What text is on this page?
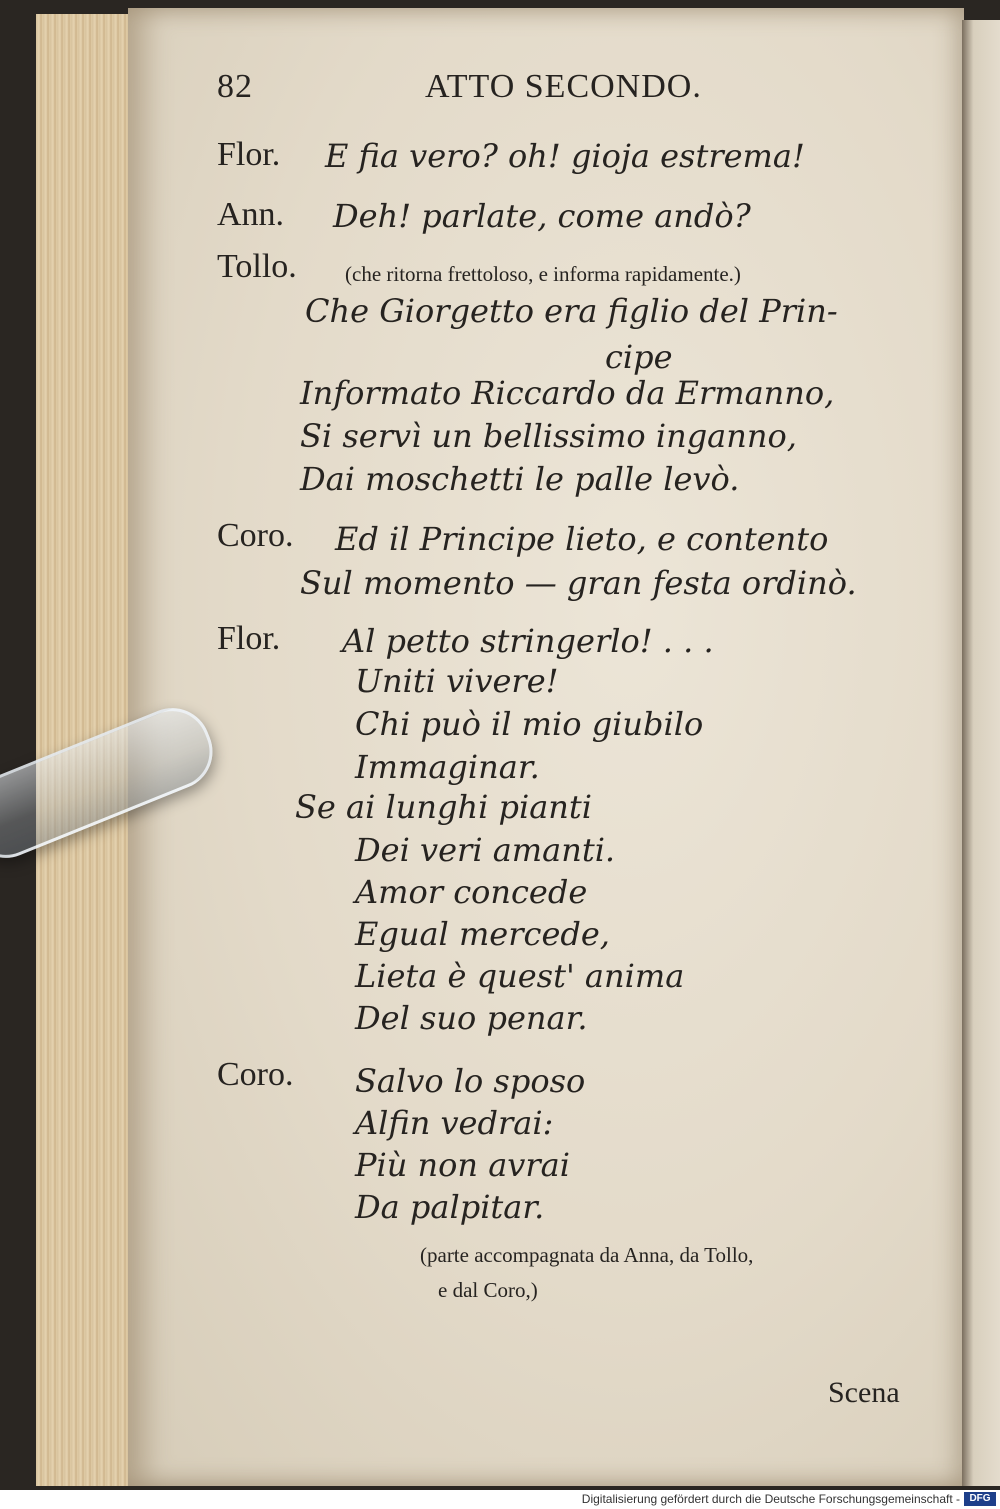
82	ATTO SECONDO.
Flor. E fia vero? oh! gioja estrema!
Ann. Deh! parlate, come andò?
Tollo. (che ritorna frettoloso, e informa rapidamente.)
Che Giorgetto era figlio del Prin-
cipe
Informato Riccardo da Ermanno,
Si servì un bellissimo inganno,
Dai moschetti le palle levò.
Coro. Ed il Principe lieto, e contento
Sul momento — gran festa ordinò.
Flor. Al petto stringerlo! . . .
Uniti vivere!
Chi può il mio giubilo
Immaginar.
Se ai lunghi pianti
Dei veri amanti.
Amor concede
Egual mercede,
Lieta è quest' anima
Del suo penar.
Coro. Salvo lo sposo
Alfin vedrai:
Più non avrai
Da palpitar.
(parte accompagnata da Anna, da Tollo,
e dal Coro,)
Scena
Digitalisierung gefördert durch die Deutsche Forschungsgemeinschaft - DFG
